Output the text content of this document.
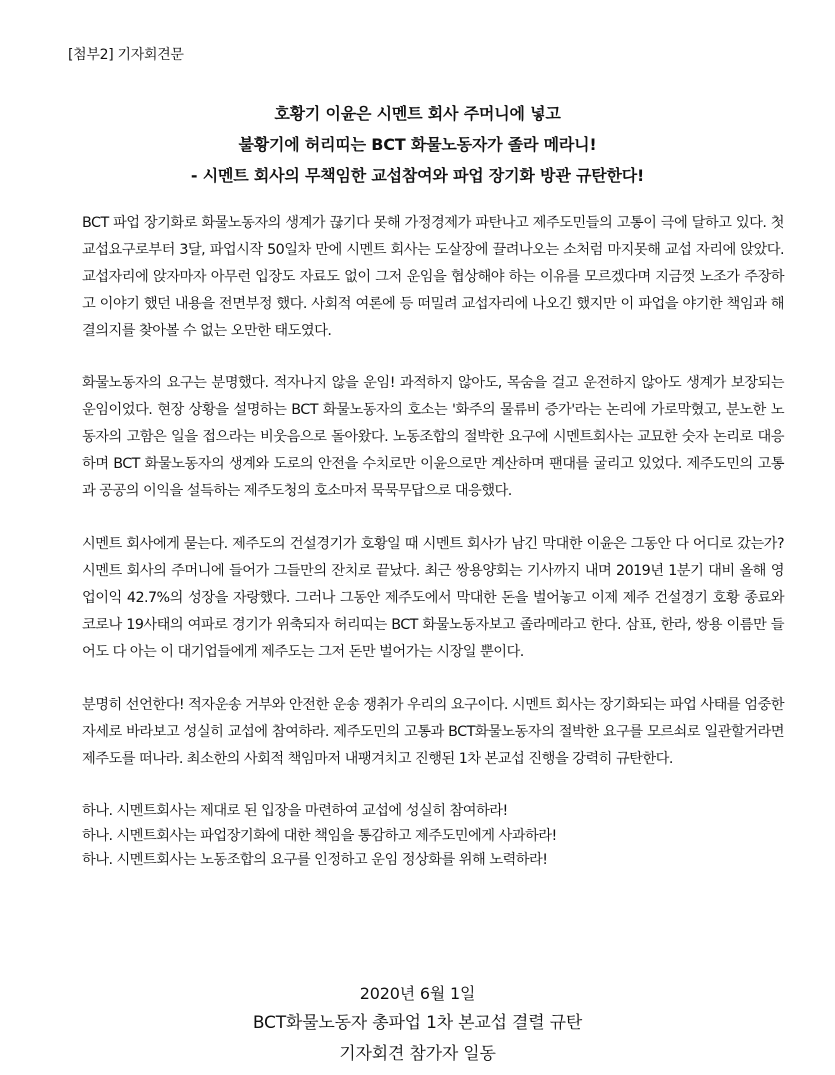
[첨부2] 기자회견문
호황기 이윤은 시멘트 회사 주머니에 넣고
불황기에 허리띠는 BCT 화물노동자가 졸라 메라니!
- 시멘트 회사의 무책임한 교섭참여와 파업 장기화 방관 규탄한다!

BCT 파업 장기화로 화물노동자의 생계가 끊기다 못해 가정경제가 파탄나고 제주도민들의 고통이 극에 달하고 있다. 첫 교섭요구로부터 3달, 파업시작 50일차 만에 시멘트 회사는 도살장에 끌려나오는 소처럼 마지못해 교섭 자리에 앉았다. 교섭자리에 앉자마자 아무런 입장도 자료도 없이 그저 운임을 협상해야 하는 이유를 모르겠다며 지금껏 노조가 주장하고 이야기 했던 내용을 전면부정 했다. 사회적 여론에 등 떠밀려 교섭자리에 나오긴 했지만 이 파업을 야기한 책임과 해결의지를 찾아볼 수 없는 오만한 태도였다.

화물노동자의 요구는 분명했다. 적자나지 않을 운임! 과적하지 않아도, 목숨을 걸고 운전하지 않아도 생계가 보장되는 운임이었다. 현장 상황을 설명하는 BCT 화물노동자의 호소는 '화주의 물류비 증가'라는 논리에 가로막혔고, 분노한 노동자의 고함은 일을 접으라는 비웃음으로 돌아왔다. 노동조합의 절박한 요구에 시멘트회사는 교묘한 숫자 논리로 대응하며 BCT 화물노동자의 생계와 도로의 안전을 수치로만 이윤으로만 계산하며 팬대를 굴리고 있었다. 제주도민의 고통과 공공의 이익을 설득하는 제주도청의 호소마저 묵묵무답으로 대응했다.

시멘트 회사에게 묻는다. 제주도의 건설경기가 호황일 때 시멘트 회사가 남긴 막대한 이윤은 그동안 다 어디로 갔는가? 시멘트 회사의 주머니에 들어가 그들만의 잔치로 끝났다. 최근 쌍용양회는 기사까지 내며 2019년 1분기 대비 올해 영업이익 42.7%의 성장을 자랑했다. 그러나 그동안 제주도에서 막대한 돈을 벌어놓고 이제 제주 건설경기 호황 종료와 코로나 19사태의 여파로 경기가 위축되자 허리띠는 BCT 화물노동자보고 졸라메라고 한다. 삼표, 한라, 쌍용 이름만 들어도 다 아는 이 대기업들에게 제주도는 그저 돈만 벌어가는 시장일 뿐이다.

분명히 선언한다! 적자운송 거부와 안전한 운송 쟁취가 우리의 요구이다. 시멘트 회사는 장기화되는 파업 사태를 엄중한 자세로 바라보고 성실히 교섭에 참여하라. 제주도민의 고통과 BCT화물노동자의 절박한 요구를 모르쇠로 일관할거라면 제주도를 떠나라. 최소한의 사회적 책임마저 내팽겨치고 진행된 1차 본교섭 진행을 강력히 규탄한다.

하나. 시멘트회사는 제대로 된 입장을 마련하여 교섭에 성실히 참여하라!
하나. 시멘트회사는 파업장기화에 대한 책임을 통감하고 제주도민에게 사과하라!
하나. 시멘트회사는 노동조합의 요구를 인정하고 운임 정상화를 위해 노력하라!
2020년 6월 1일
BCT화물노동자 총파업 1차 본교섭 결렬 규탄
기자회견 참가자 일동
